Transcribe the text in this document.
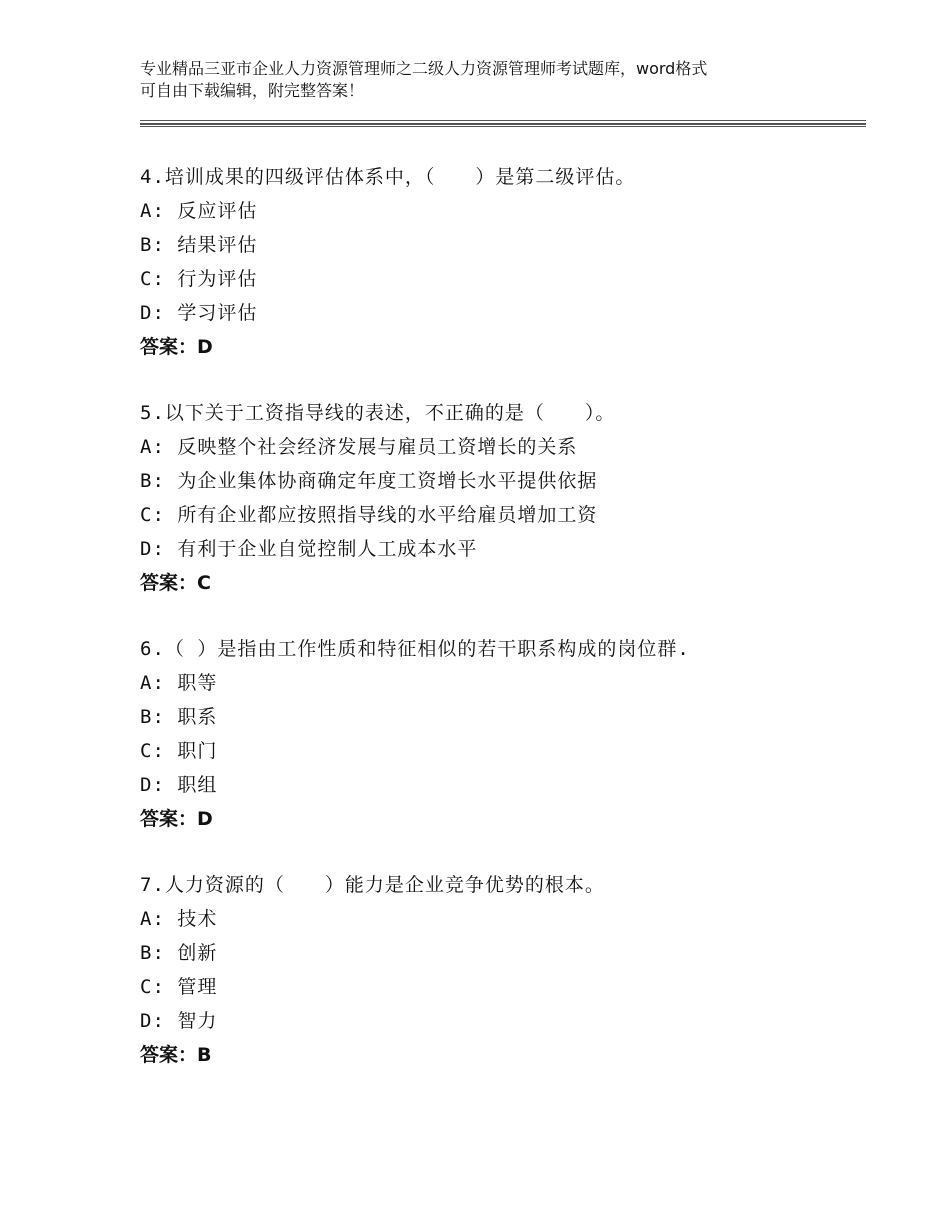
专业精品三亚市企业人力资源管理师之二级人力资源管理师考试题库，word格式
可自由下载编辑，附完整答案！
4.培训成果的四级评估体系中，（　　）是第二级评估。
A: 反应评估
B: 结果评估
C: 行为评估
D: 学习评估
答案：D
5.以下关于工资指导线的表述，不正确的是（　　）。
A: 反映整个社会经济发展与雇员工资增长的关系
B: 为企业集体协商确定年度工资增长水平提供依据
C: 所有企业都应按照指导线的水平给雇员增加工资
D: 有利于企业自觉控制人工成本水平
答案：C
6.（ ）是指由工作性质和特征相似的若干职系构成的岗位群.
A: 职等
B: 职系
C: 职门
D: 职组
答案：D
7.人力资源的（　　）能力是企业竞争优势的根本。
A: 技术
B: 创新
C: 管理
D: 智力
答案：B
